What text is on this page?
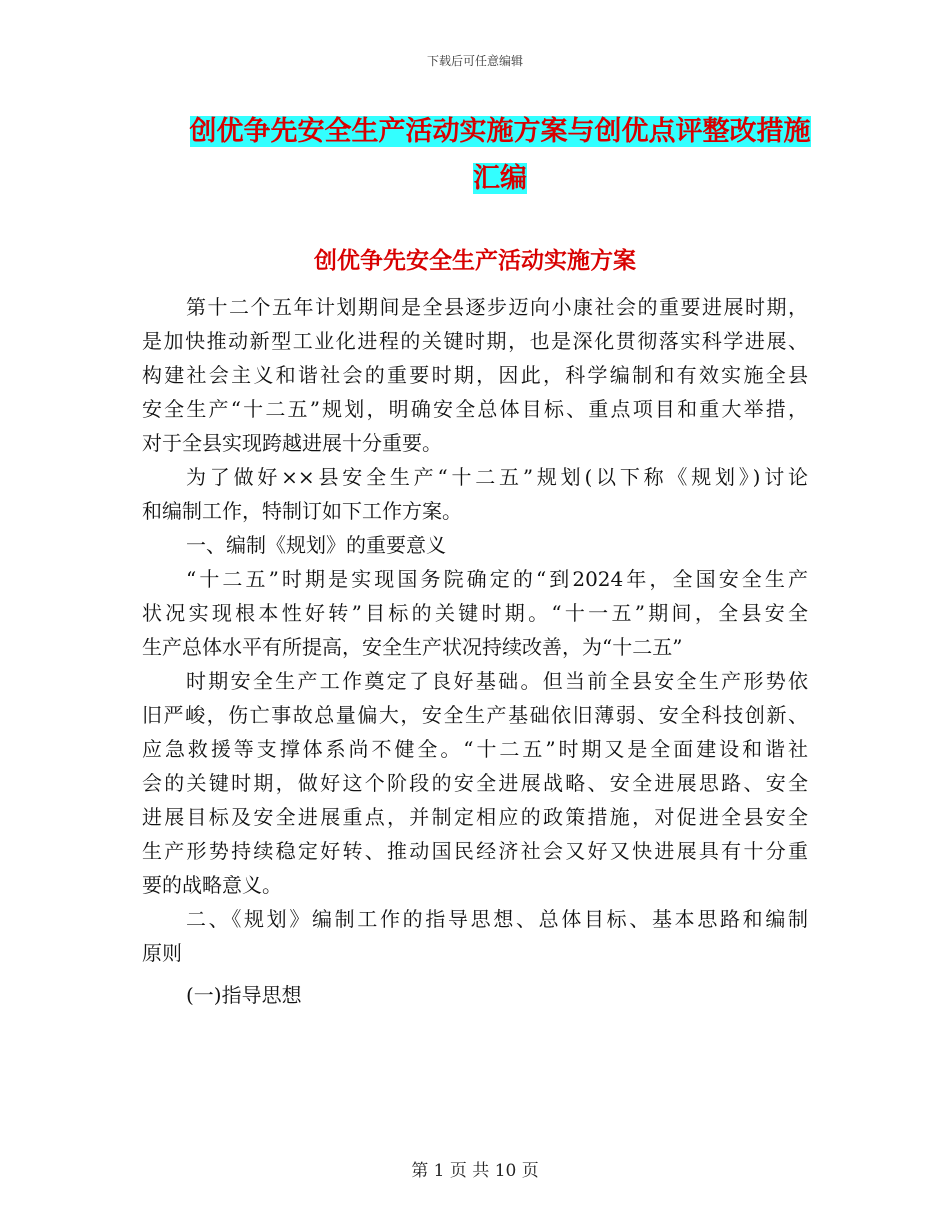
下载后可任意编辑
创优争先安全生产活动实施方案与创优点评整改措施
汇编
创优争先安全生产活动实施方案
第十二个五年计划期间是全县逐步迈向小康社会的重要进展时期，
是加快推动新型工业化进程的关键时期，也是深化贯彻落实科学进展、
构建社会主义和谐社会的重要时期，因此，科学编制和有效实施全县
安全生产“十二五”规划，明确安全总体目标、重点项目和重大举措，
对于全县实现跨越进展十分重要。
为了做好××县安全生产“十二五”规划(以下称《规划》)讨论
和编制工作，特制订如下工作方案。
一、编制《规划》的重要意义
“十二五”时期是实现国务院确定的“到2024年，全国安全生产
状况实现根本性好转”目标的关键时期。“十一五”期间，全县安全
生产总体水平有所提高，安全生产状况持续改善，为“十二五”
时期安全生产工作奠定了良好基础。但当前全县安全生产形势依
旧严峻，伤亡事故总量偏大，安全生产基础依旧薄弱、安全科技创新、
应急救援等支撑体系尚不健全。“十二五”时期又是全面建设和谐社
会的关键时期，做好这个阶段的安全进展战略、安全进展思路、安全
进展目标及安全进展重点，并制定相应的政策措施，对促进全县安全
生产形势持续稳定好转、推动国民经济社会又好又快进展具有十分重
要的战略意义。
二、《规划》编制工作的指导思想、总体目标、基本思路和编制
原则
(一)指导思想
第 1 页 共 10 页
